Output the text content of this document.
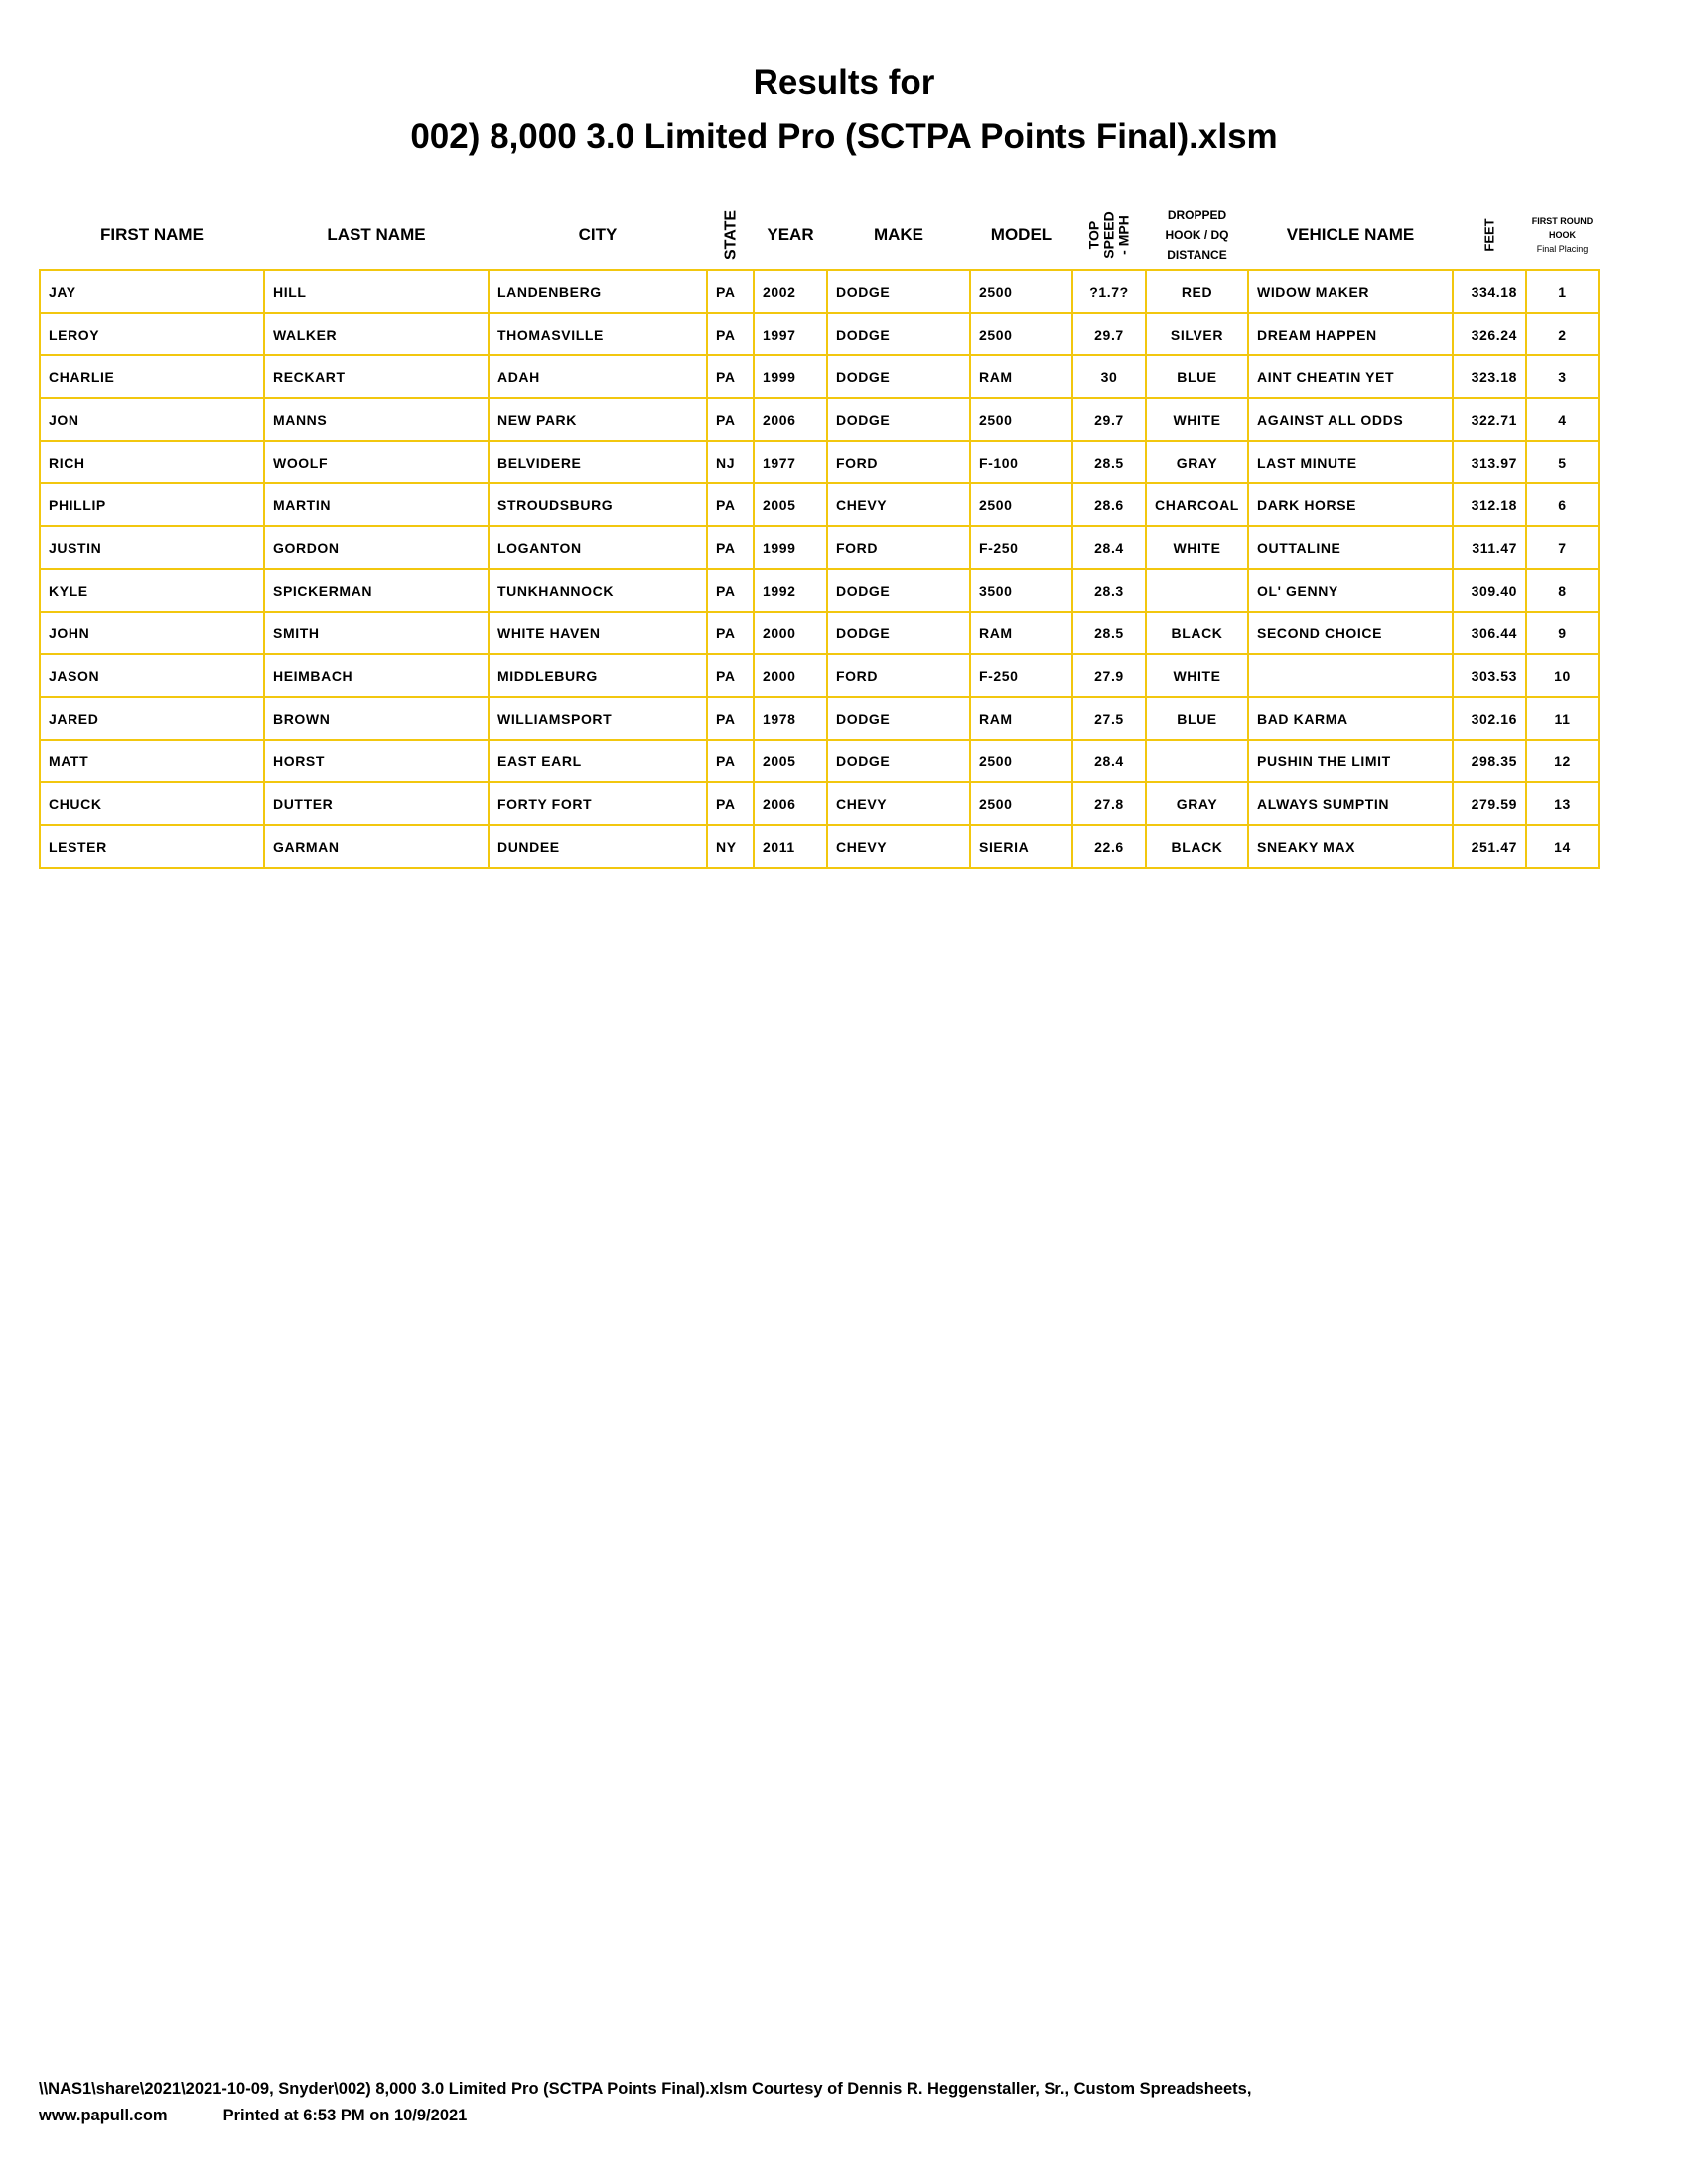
Results for
002) 8,000 3.0 Limited Pro (SCTPA Points Final).xlsm
FIRST NAME	LAST NAME	CITY	STATE	YEAR	MAKE	MODEL	TOP
SPEED
- MPH	DROPPED
HOOK / DQ
DISTANCE	VEHICLE NAME	FEET	FIRST ROUND
HOOK
Final Placing
JAY	HILL	LANDENBERG	PA	2002	DODGE	2500	?1.7?	RED	WIDOW MAKER	334.18	1
LEROY	WALKER	THOMASVILLE	PA	1997	DODGE	2500	29.7	SILVER	DREAM HAPPEN	326.24	2
CHARLIE	RECKART	ADAH	PA	1999	DODGE	RAM	30	BLUE	AINT CHEATIN YET	323.18	3
JON	MANNS	NEW PARK	PA	2006	DODGE	2500	29.7	WHITE	AGAINST ALL ODDS	322.71	4
RICH	WOOLF	BELVIDERE	NJ	1977	FORD	F-100	28.5	GRAY	LAST MINUTE	313.97	5
PHILLIP	MARTIN	STROUDSBURG	PA	2005	CHEVY	2500	28.6	CHARCOAL	DARK HORSE	312.18	6
JUSTIN	GORDON	LOGANTON	PA	1999	FORD	F-250	28.4	WHITE	OUTTALINE	311.47	7
KYLE	SPICKERMAN	TUNKHANNOCK	PA	1992	DODGE	3500	28.3		OL' GENNY	309.40	8
JOHN	SMITH	WHITE HAVEN	PA	2000	DODGE	RAM	28.5	BLACK	SECOND CHOICE	306.44	9
JASON	HEIMBACH	MIDDLEBURG	PA	2000	FORD	F-250	27.9	WHITE		303.53	10
JARED	BROWN	WILLIAMSPORT	PA	1978	DODGE	RAM	27.5	BLUE	BAD KARMA	302.16	11
MATT	HORST	EAST EARL	PA	2005	DODGE	2500	28.4		PUSHIN THE LIMIT	298.35	12
CHUCK	DUTTER	FORTY FORT	PA	2006	CHEVY	2500	27.8	GRAY	ALWAYS SUMPTIN	279.59	13
LESTER	GARMAN	DUNDEE	NY	2011	CHEVY	SIERIA	22.6	BLACK	SNEAKY MAX	251.47	14
\\NAS1\share\2021\2021-10-09, Snyder\002) 8,000 3.0 Limited Pro (SCTPA Points Final).xlsm Courtesy of Dennis R. Heggenstaller, Sr., Custom Spreadsheets,
www.papull.com	Printed at 6:53 PM on 10/9/2021
